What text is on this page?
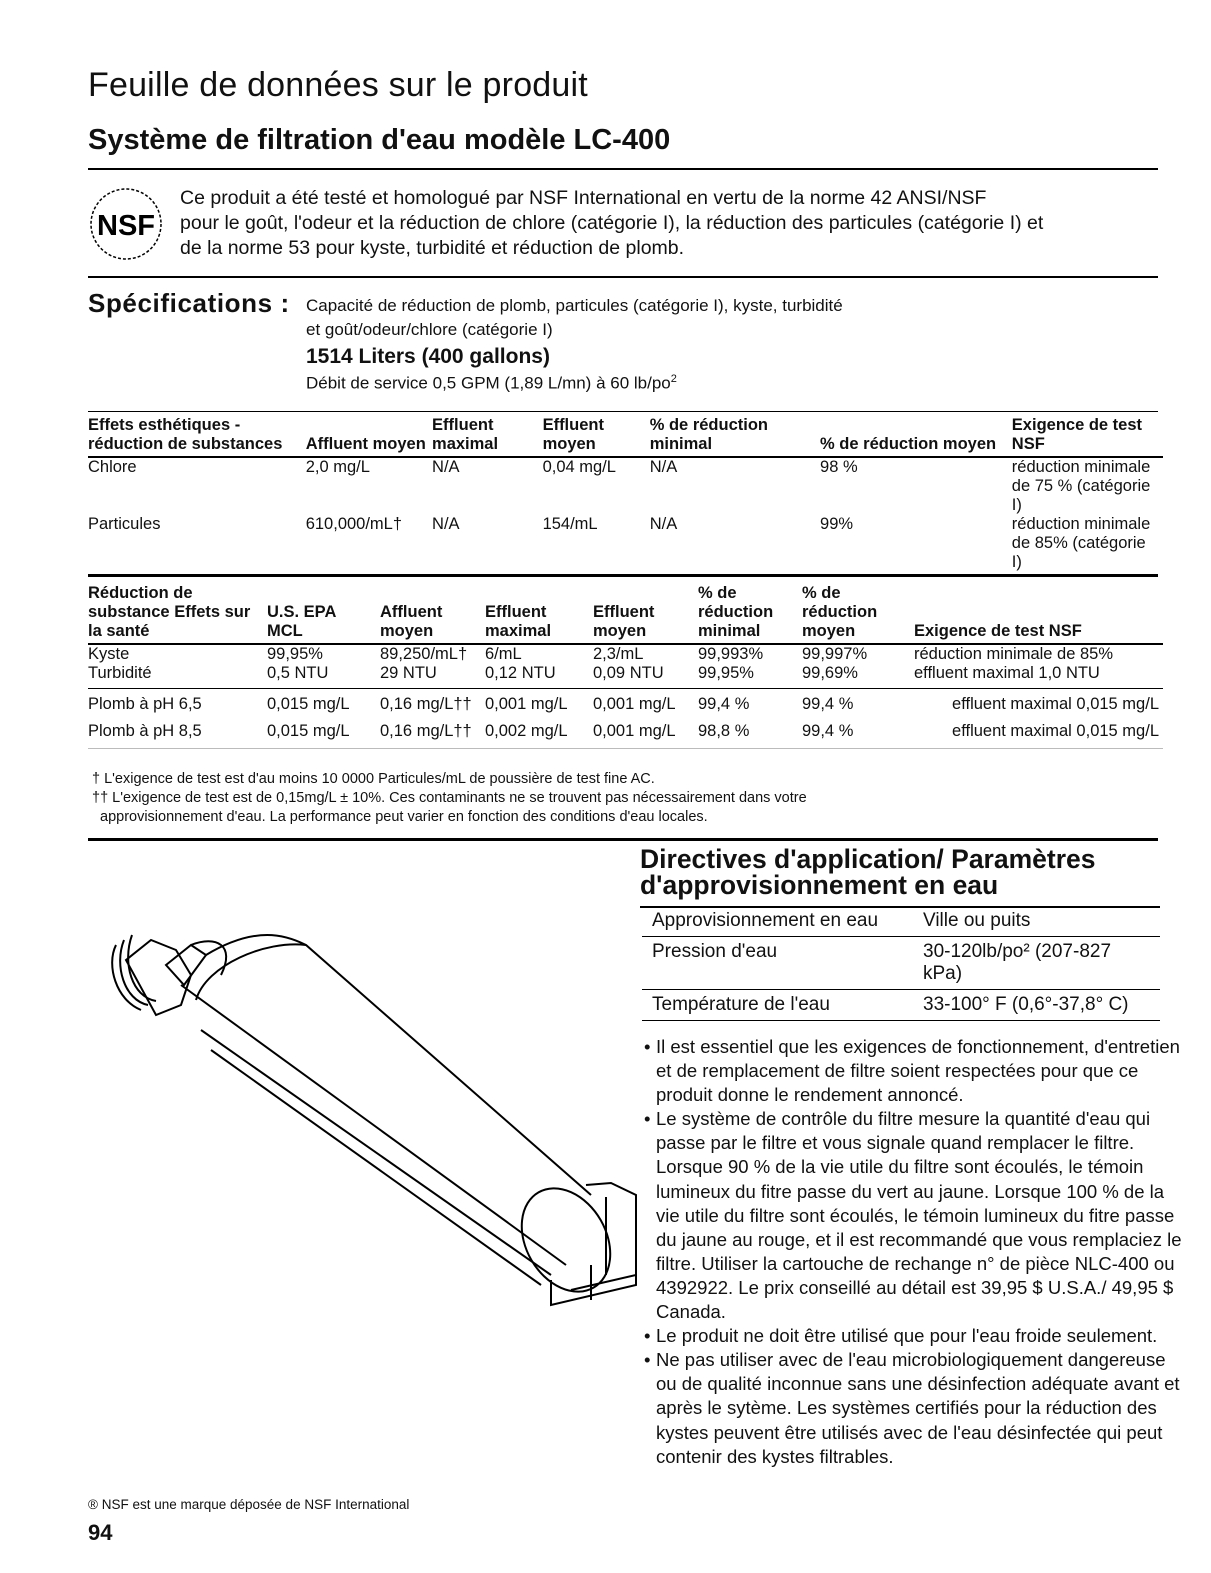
Feuille de données sur le produit
Système de filtration d'eau modèle LC-400
NSF
Ce produit a été testé et homologué par NSF International en vertu de la norme 42 ANSI/NSF
pour le goût, l'odeur et la réduction de chlore (catégorie I), la réduction des particules (catégorie I) et
de la norme 53 pour kyste, turbidité et réduction de plomb.
Spécifications : Capacité de réduction de plomb, particules (catégorie I), kyste, turbidité
et goût/odeur/chlore (catégorie I)
1514 Liters (400 gallons)
Débit de service 0,5 GPM (1,89 L/mn) à 60 $lb/po^2$
Effets esthétiques - réduction de substances	Affluent moyen	Effluent maximal	Effluent moyen	% de réduction minimal	% de réduction moyen	Exigence de test NSF
Chlore	2,0 mg/L	N/A	0,04 mg/L	N/A	98 %	réduction minimale de 75 % (catégorie I)
Particules	610,000/mL†	N/A	154/mL	N/A	99%	réduction minimale de 85% (catégorie I)
Réduction de substance Effets sur la santé	U.S. EPA MCL	Affluent moyen	Effluent maximal	Effluent moyen	% de réduction minimal	% de réduction moyen	Exigence de test NSF
Kyste	99,95%	89,250/mL†	6/mL	2,3/mL	99,993%	99,997%	réduction minimale de 85%
Turbidité	0,5 NTU	29 NTU	0,12 NTU	0,09 NTU	99,95%	99,69%	effluent maximal 1,0 NTU
Plomb à pH 6,5	0,015 mg/L	0,16 mg/L††	0,001 mg/L	0,001 mg/L	99,4 %	99,4 %	effluent maximal 0,015 mg/L
Plomb à pH 8,5	0,015 mg/L	0,16 mg/L††	0,002 mg/L	0,001 mg/L	98,8 %	99,4 %	effluent maximal 0,015 mg/L
† L'exigence de test est d'au moins 10 0000 Particules/mL de poussière de test fine AC.
†† L'exigence de test est de 0,15mg/L ± 10%. Ces contaminants ne se trouvent pas nécessairement dans votre
approvisionnement d'eau. La performance peut varier en fonction des conditions d'eau locales.
Directives d'application/ Paramètres
d'approvisionnement en eau
Approvisionnement en eau	Ville ou puits
Pression d'eau	30-120lb/po² (207-827 kPa)
Température de l'eau	33-100° F (0,6°-37,8° C)
• Il est essentiel que les exigences de fonctionnement, d'entretien et de remplacement de filtre soient respectées pour que ce produit donne le rendement annoncé.
• Le système de contrôle du filtre mesure la quantité d'eau qui passe par le filtre et vous signale quand remplacer le filtre. Lorsque 90 % de la vie utile du filtre sont écoulés, le témoin lumineux du fitre passe du vert au jaune. Lorsque 100 % de la vie utile du filtre sont écoulés, le témoin lumineux du fitre passe du jaune au rouge, et il est recommandé que vous remplaciez le filtre. Utiliser la cartouche de rechange n° de pièce NLC-400 ou 4392922. Le prix conseillé au détail est 39,95 $ U.S.A./ 49,95 $ Canada.
• Le produit ne doit être utilisé que pour l'eau froide seulement.
• Ne pas utiliser avec de l'eau microbiologiquement dangereuse ou de qualité inconnue sans une désinfection adéquate avant et après le sytème. Les systèmes certifiés pour la réduction des kystes peuvent être utilisés avec de l'eau désinfectée qui peut contenir des kystes filtrables.
® NSF est une marque déposée de NSF International
94
